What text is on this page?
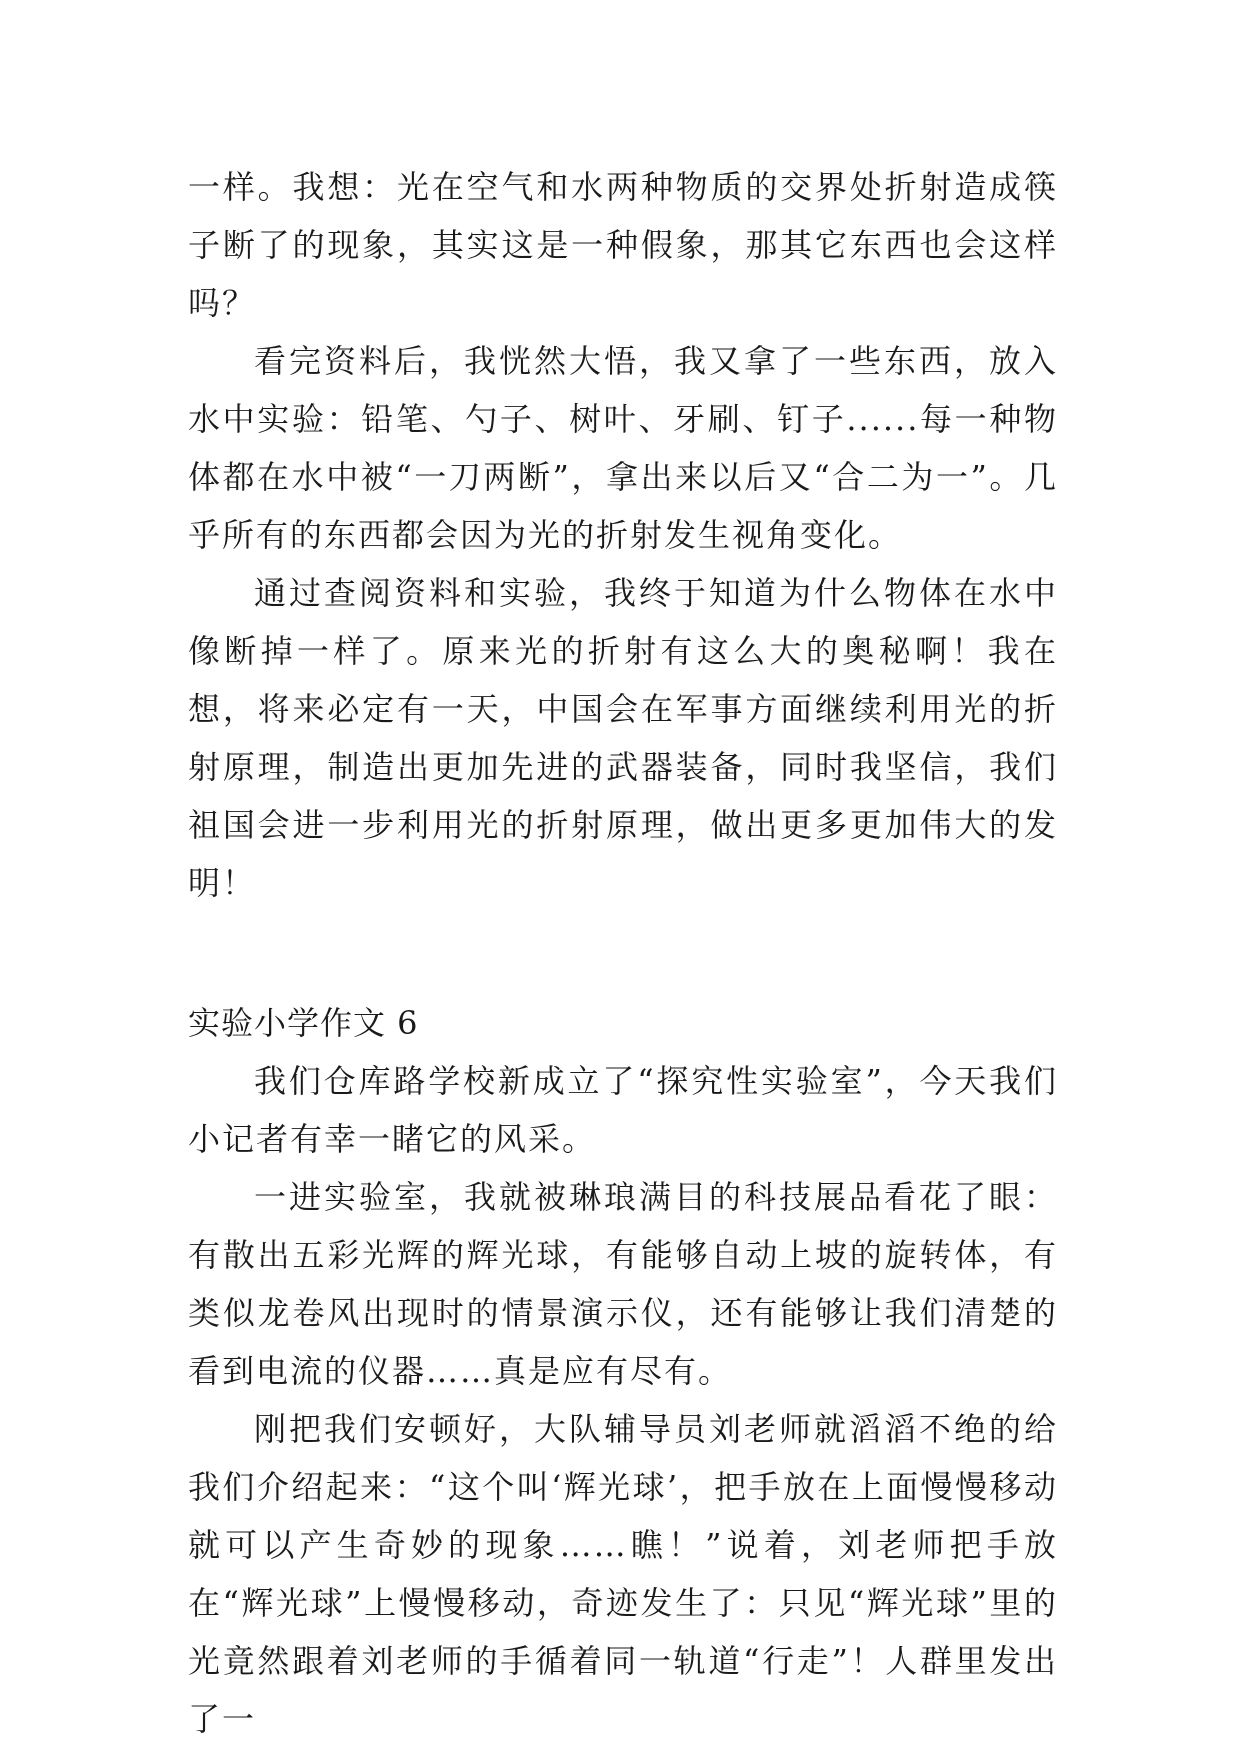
一样。我想：光在空气和水两种物质的交界处折射造成筷子断了的现象，其实这是一种假象，那其它东西也会这样吗？

看完资料后，我恍然大悟，我又拿了一些东西，放入水中实验：铅笔、勺子、树叶、牙刷、钉子......每一种物体都在水中被“一刀两断”，拿出来以后又“合二为一”。几乎所有的东西都会因为光的折射发生视角变化。

通过查阅资料和实验，我终于知道为什么物体在水中像断掉一样了。原来光的折射有这么大的奥秘啊！我在想，将来必定有一天，中国会在军事方面继续利用光的折射原理，制造出更加先进的武器装备，同时我坚信，我们祖国会进一步利用光的折射原理，做出更多更加伟大的发明！

实验小学作文 6

我们仓库路学校新成立了“探究性实验室”，今天我们小记者有幸一睹它的风采。

一进实验室，我就被琳琅满目的科技展品看花了眼：有散出五彩光辉的辉光球，有能够自动上坡的旋转体，有类似龙卷风出现时的情景演示仪，还有能够让我们清楚的看到电流的仪器……真是应有尽有。

刚把我们安顿好，大队辅导员刘老师就滔滔不绝的给我们介绍起来：“这个叫‘辉光球’，把手放在上面慢慢移动就可以产生奇妙的现象……瞧！”说着，刘老师把手放在“辉光球”上慢慢移动，奇迹发生了：只见“辉光球”里的光竟然跟着刘老师的手循着同一轨道“行走”！人群里发出了一
